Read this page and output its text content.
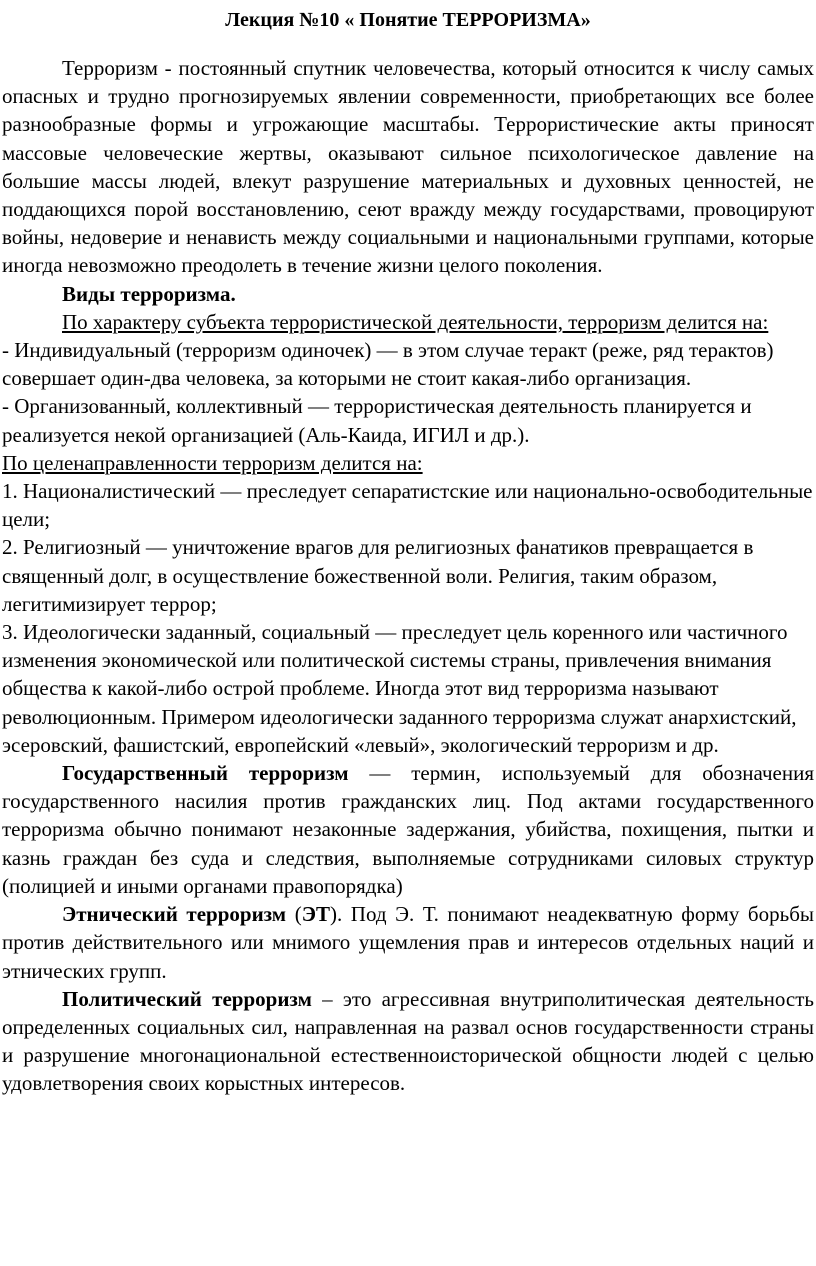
Лекция №10 « Понятие ТЕРРОРИЗМА»

Терроризм - постоянный спутник человечества, который относится к числу самых опасных и трудно прогнозируемых явлении современности, приобретающих все более разнообразные формы и угрожающие масштабы. Террористические акты приносят массовые человеческие жертвы, оказывают сильное психологическое давление на большие массы людей, влекут разрушение материальных и духовных ценностей, не поддающихся порой восстановлению, сеют вражду между государствами, провоцируют войны, недоверие и ненависть между социальными и национальными группами, которые иногда невозможно преодолеть в течение жизни целого поколения.

Виды терроризма.

По характеру субъекта террористической деятельности, терроризм делится на:

- Индивидуальный (терроризм одиночек) — в этом случае теракт (реже, ряд терактов) совершает один-два человека, за которыми не стоит какая-либо организация.

- Организованный, коллективный — террористическая деятельность планируется и реализуется некой организацией (Аль-Каида, ИГИЛ и др.).

По целенаправленности терроризм делится на:

1. Националистический — преследует сепаратистские или национально-освободительные цели;

2. Религиозный — уничтожение врагов для религиозных фанатиков превращается в священный долг, в осуществление божественной воли. Религия, таким образом, легитимизирует террор;

3. Идеологически заданный, социальный — преследует цель коренного или частичного изменения экономической или политической системы страны, привлечения внимания общества к какой-либо острой проблеме. Иногда этот вид терроризма называют революционным. Примером идеологически заданного терроризма служат анархистский, эсеровский, фашистский, европейский «левый», экологический терроризм и др.

Государственный терроризм — термин, используемый для обозначения государственного насилия против гражданских лиц. Под актами государственного терроризма обычно понимают незаконные задержания, убийства, похищения, пытки и казнь граждан без суда и следствия, выполняемые сотрудниками силовых структур (полицией и иными органами правопорядка)

Этнический терроризм (ЭТ). Под Э. Т. понимают неадекватную форму борьбы против действительного или мнимого ущемления прав и интересов отдельных наций и этнических групп.

Политический терроризм – это агрессивная внутриполитическая деятельность определенных социальных сил, направленная на развал основ государственности страны и разрушение многонациональной естественноисторической общности людей с целью удовлетворения своих корыстных интересов.
